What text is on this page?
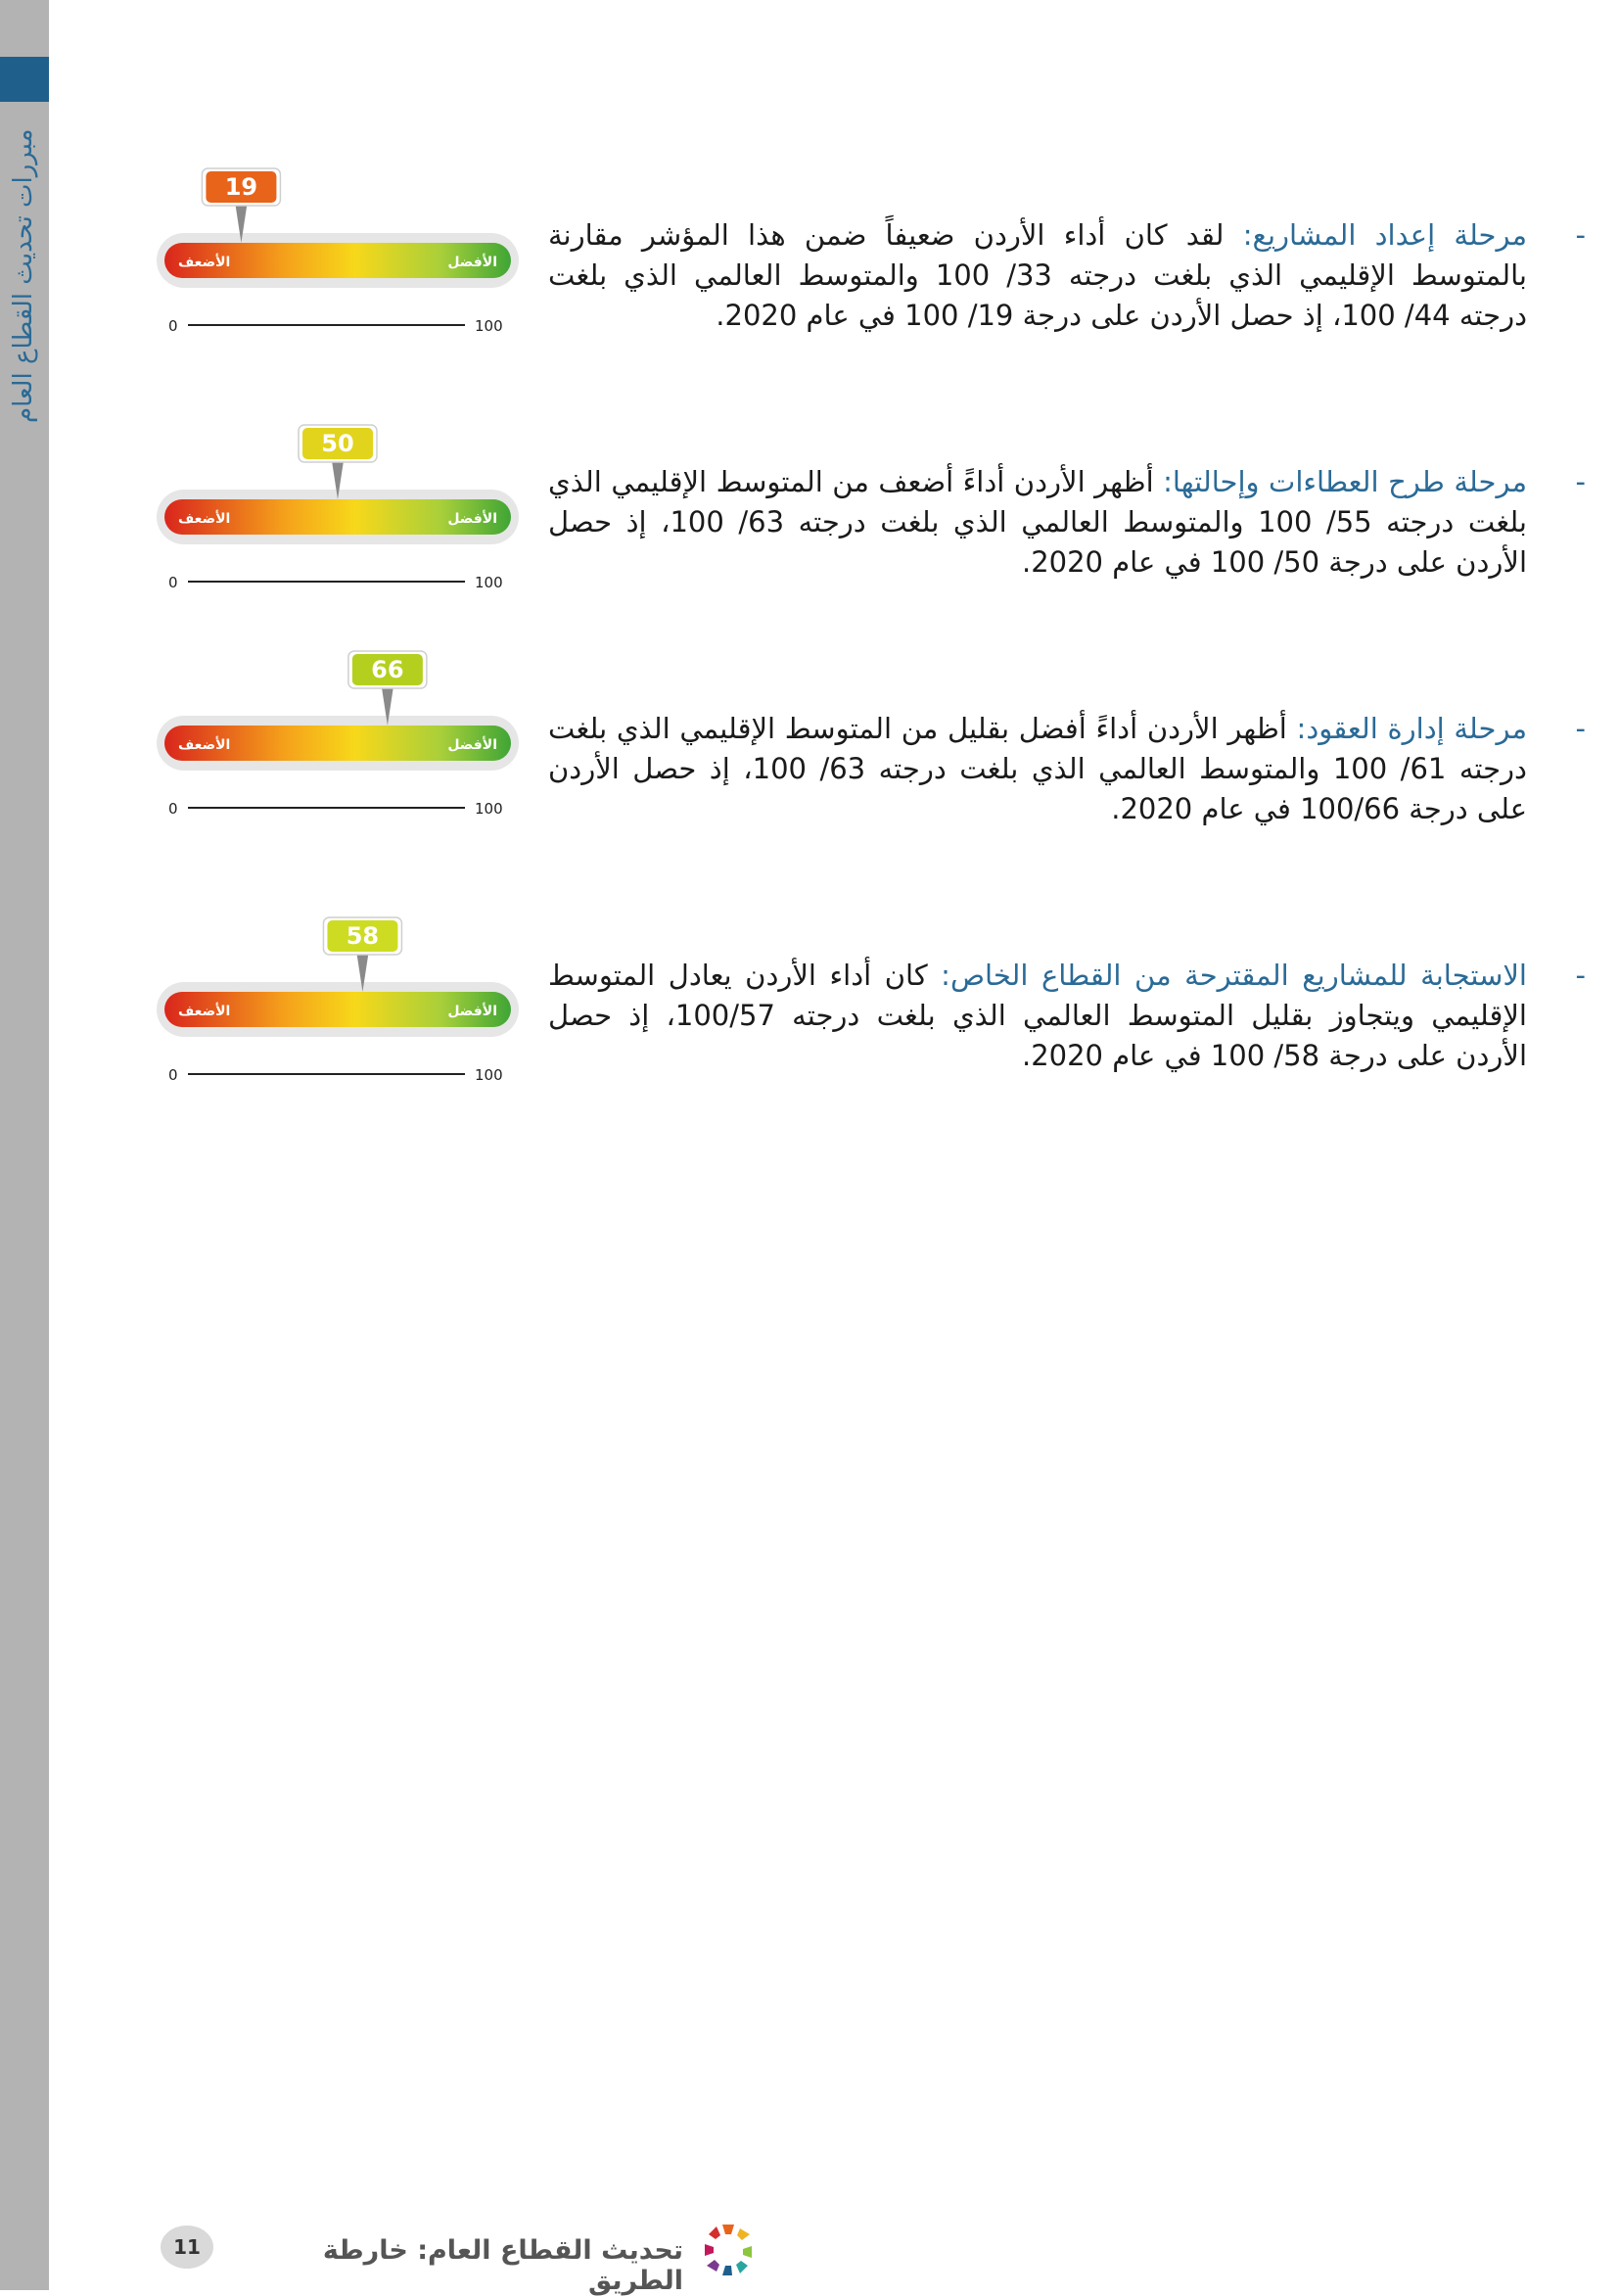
مبررات تحديث القطاع العام	الأضعف	الأفضل
0	100
19
-
مرحلة إعداد المشاريع: لقد كان أداء الأردن ضعيفاً ضمن هذا المؤشر مقارنة بالمتوسط الإقليمي الذي بلغت درجته 33/ 100 والمتوسط العالمي الذي بلغت درجته 44/ 100، إذ حصل الأردن على درجة 19/ 100 في عام 2020.
الأضعف	الأفضل
0	100
50
-
مرحلة طرح العطاءات وإحالتها: أظهر الأردن أداءً أضعف من المتوسط الإقليمي الذي بلغت درجته 55/ 100 والمتوسط العالمي الذي بلغت درجته 63/ 100، إذ حصل الأردن على درجة 50/ 100 في عام 2020.
الأضعف	الأفضل
0	100
66
-
مرحلة إدارة العقود: أظهر الأردن أداءً أفضل بقليل من المتوسط الإقليمي الذي بلغت درجته 61/ 100 والمتوسط العالمي الذي بلغت درجته 63/ 100، إذ حصل الأردن على درجة 100/66 في عام 2020.
الأضعف	الأفضل
0	100
58
-
الاستجابة للمشاريع المقترحة من القطاع الخاص: كان أداء الأردن يعادل المتوسط الإقليمي ويتجاوز بقليل المتوسط العالمي الذي بلغت درجته 100/57، إذ حصل الأردن على درجة 58/ 100 في عام 2020.
11	تحديث القطاع العام: خارطة الطريق
